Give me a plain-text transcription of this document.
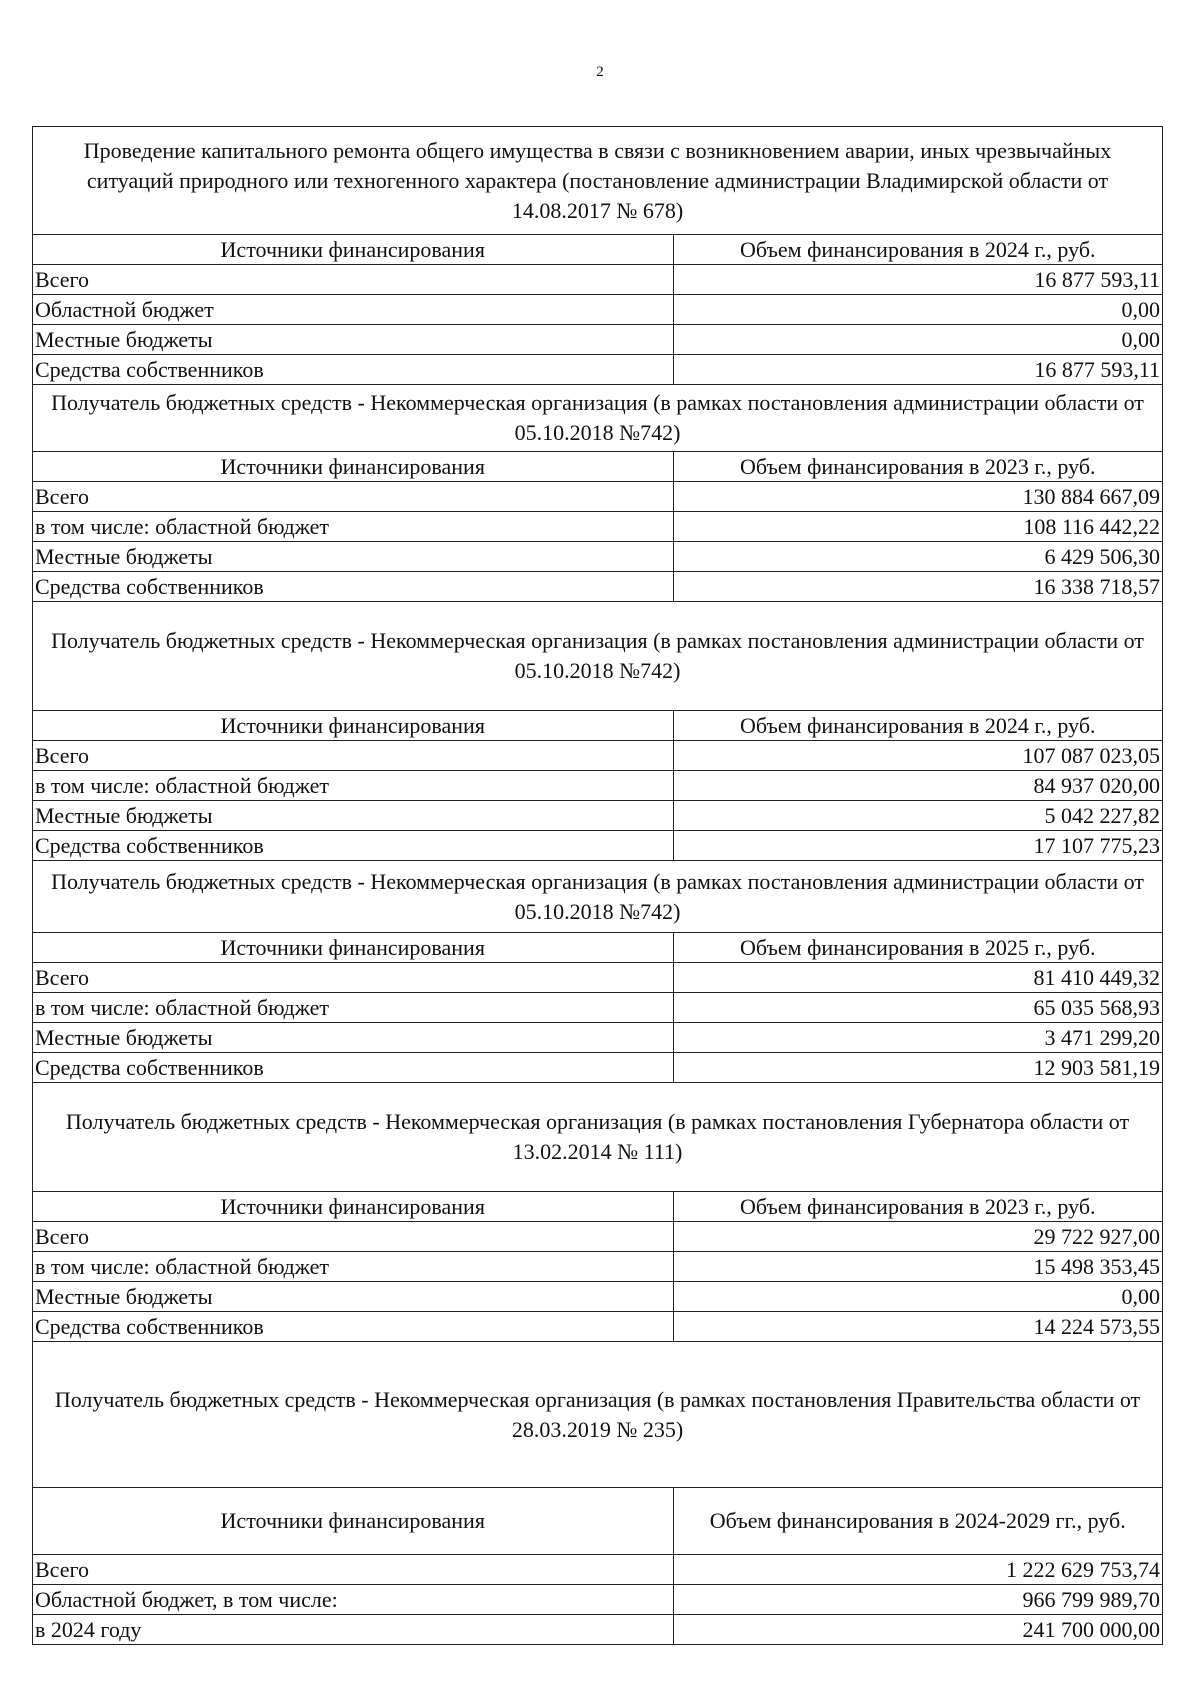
2
Проведение капитального ремонта общего имущества в связи с возникновением аварии, иных чрезвычайных ситуаций природного или техногенного характера (постановление администрации Владимирской области от 14.08.2017 № 678)
Источники финансирования	Объем финансирования в 2024 г., руб.
Всего	16 877 593,11
Областной бюджет	0,00
Местные бюджеты	0,00
Средства собственников	16 877 593,11
Получатель бюджетных средств - Некоммерческая организация (в рамках постановления администрации области от 05.10.2018 №742)
Источники финансирования	Объем финансирования в 2023 г., руб.
Всего	130 884 667,09
в том числе: областной бюджет	108 116 442,22
Местные бюджеты	6 429 506,30
Средства собственников	16 338 718,57
Получатель бюджетных средств - Некоммерческая организация (в рамках постановления администрации области от 05.10.2018 №742)
Источники финансирования	Объем финансирования в 2024 г., руб.
Всего	107 087 023,05
в том числе: областной бюджет	84 937 020,00
Местные бюджеты	5 042 227,82
Средства собственников	17 107 775,23
Получатель бюджетных средств - Некоммерческая организация (в рамках постановления администрации области от 05.10.2018 №742)
Источники финансирования	Объем финансирования в 2025 г., руб.
Всего	81 410 449,32
в том числе: областной бюджет	65 035 568,93
Местные бюджеты	3 471 299,20
Средства собственников	12 903 581,19
Получатель бюджетных средств - Некоммерческая организация (в рамках постановления Губернатора области от 13.02.2014 № 111)
Источники финансирования	Объем финансирования в 2023 г., руб.
Всего	29 722 927,00
в том числе: областной бюджет	15 498 353,45
Местные бюджеты	0,00
Средства собственников	14 224 573,55
Получатель бюджетных средств - Некоммерческая организация (в рамках постановления Правительства области от 28.03.2019 № 235)
Источники финансирования	Объем финансирования в 2024-2029 гг., руб.
Всего	1 222 629 753,74
Областной бюджет, в том числе:	966 799 989,70
в 2024 году	241 700 000,00
